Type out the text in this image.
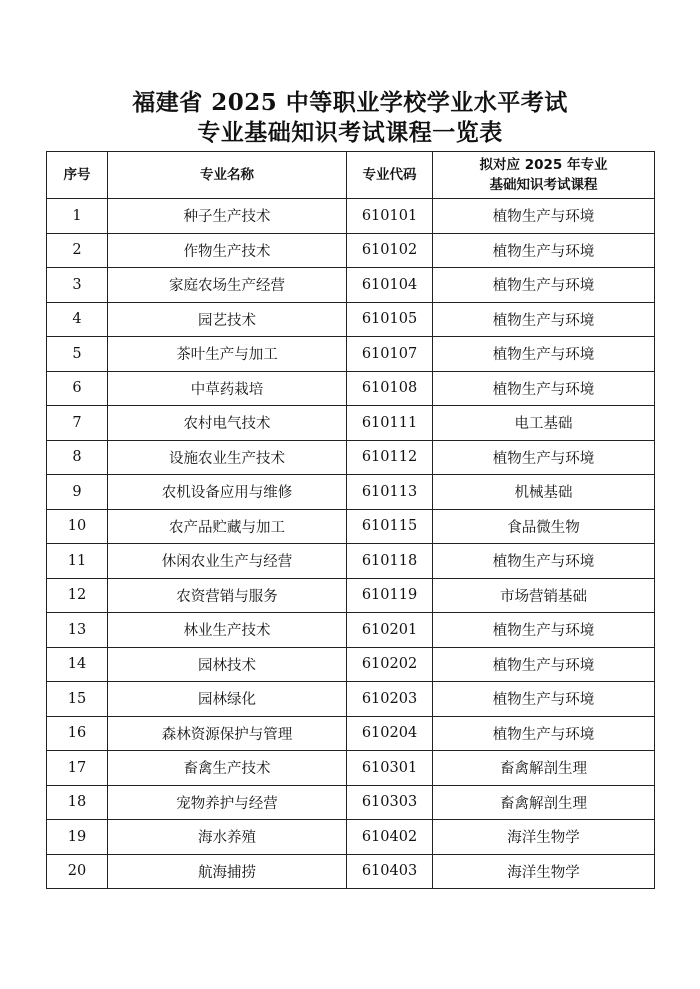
福建省 2025 中等职业学校学业水平考试
专业基础知识考试课程一览表
序号	专业名称	专业代码	拟对应 2025 年专业
基础知识考试课程

1	种子生产技术	610101	植物生产与环境
2	作物生产技术	610102	植物生产与环境
3	家庭农场生产经营	610104	植物生产与环境
4	园艺技术	610105	植物生产与环境
5	茶叶生产与加工	610107	植物生产与环境
6	中草药栽培	610108	植物生产与环境
7	农村电气技术	610111	电工基础
8	设施农业生产技术	610112	植物生产与环境
9	农机设备应用与维修	610113	机械基础
10	农产品贮藏与加工	610115	食品微生物
11	休闲农业生产与经营	610118	植物生产与环境
12	农资营销与服务	610119	市场营销基础
13	林业生产技术	610201	植物生产与环境
14	园林技术	610202	植物生产与环境
15	园林绿化	610203	植物生产与环境
16	森林资源保护与管理	610204	植物生产与环境
17	畜禽生产技术	610301	畜禽解剖生理
18	宠物养护与经营	610303	畜禽解剖生理
19	海水养殖	610402	海洋生物学
20	航海捕捞	610403	海洋生物学
